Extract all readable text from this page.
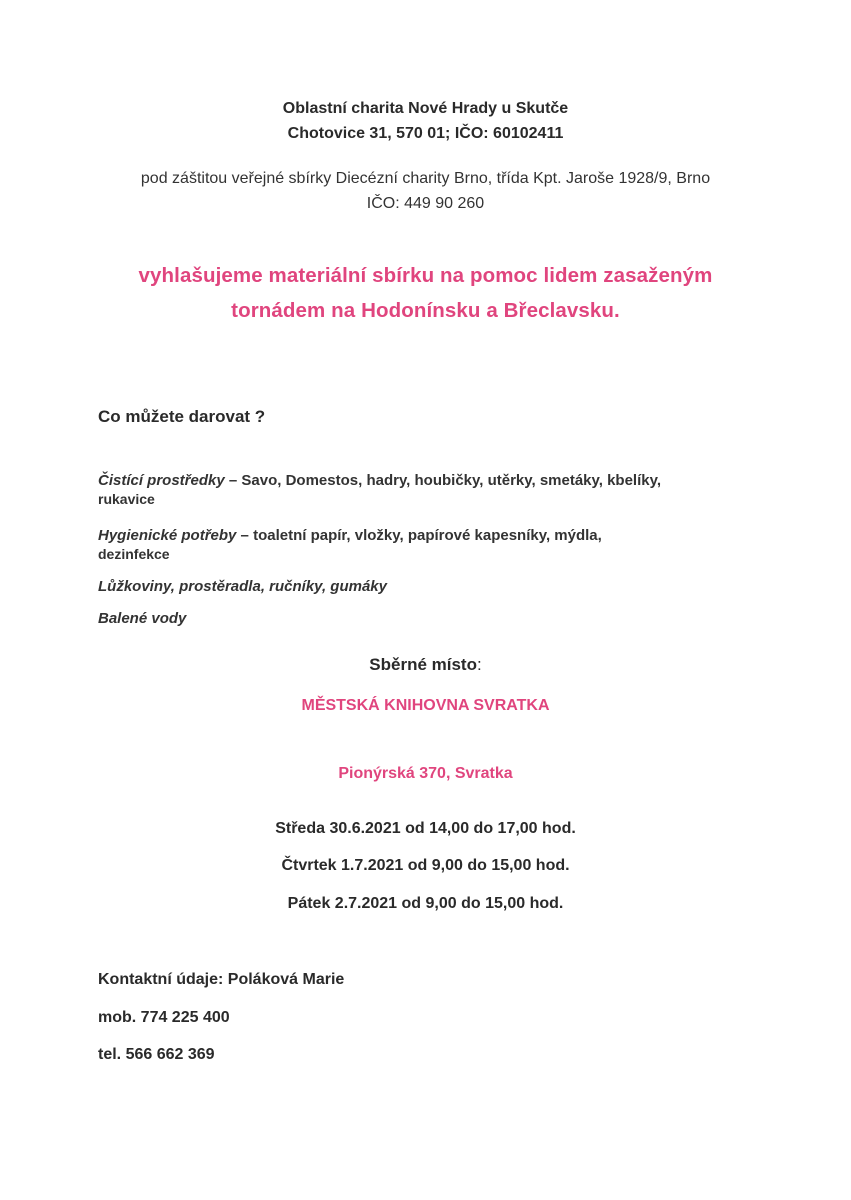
Oblastní charita Nové Hrady u Skutče
Chotovice 31, 570 01; IČO: 60102411
pod záštitou veřejné sbírky Diecézní charity Brno, třída Kpt. Jaroše 1928/9, Brno
IČO: 449 90 260
vyhlašujeme materiální sbírku na pomoc lidem zasaženým
tornádem na Hodonínsku a Břeclavsku.
Co můžete darovat ?
Čistící prostředky – Savo, Domestos, hadry, houbičky, utěrky, smetáky, kbelíky,
rukavice
Hygienické potřeby – toaletní papír, vložky, papírové kapesníky, mýdla,
dezinfekce
Lůžkoviny, prostěradla, ručníky, gumáky
Balené vody
Sběrné místo:
MĚSTSKÁ KNIHOVNA SVRATKA
Pionýrská 370, Svratka
Středa 30.6.2021 od 14,00 do 17,00 hod.
Čtvrtek 1.7.2021 od 9,00 do 15,00 hod.
Pátek 2.7.2021 od 9,00 do 15,00 hod.
Kontaktní údaje: Poláková Marie
mob. 774 225 400
tel. 566 662 369
